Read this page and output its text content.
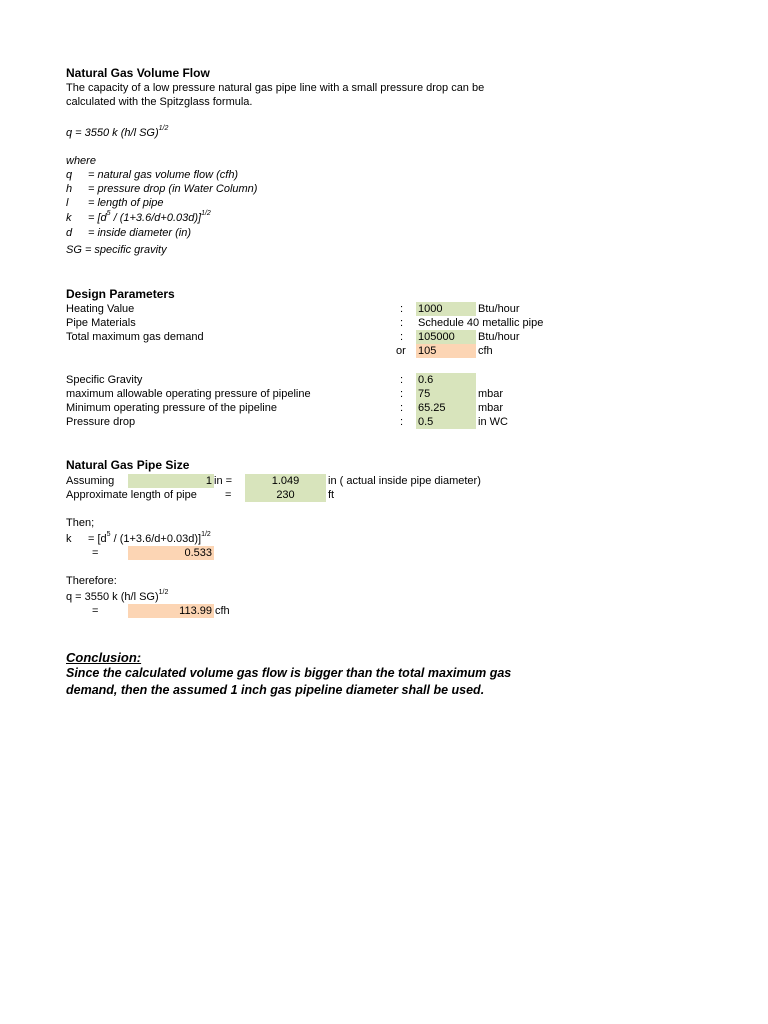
Natural Gas Volume Flow
The capacity of a low pressure natural gas pipe line with a small pressure drop can be
calculated with the Spitzglass formula.
q = 3550 k (h/l SG)$^{1/2}$
where
q = natural gas volume flow (cfh)
h = pressure drop (in Water Column)
l = length of pipe
$k = [d^5 / (1+3.6/d+0.03d)]^{1/2}$
d = inside diameter (in)
SG = specific gravity
Design Parameters
Heating Value	: 1000	Btu/hour
Pipe Materials	: Schedule 40 metallic pipe
Total maximum gas demand	: 105000	Btu/hour
or 105	cfh
Specific Gravity	: 0.6
maximum allowable operating pressure of pipeline	: 75	mbar
Minimum operating pressure of the pipeline	: 65.25	mbar
Pressure drop	: 0.5	in WC
Natural Gas Pipe Size
Assuming	1 in =	1.049	in ( actual inside pipe diameter)
Approximate length of pipe	=	230	ft
Then;
$k = [d^5 / (1+3.6/d+0.03d)]^{1/2}$
=	0.533
Therefore:
q = 3550 k (h/l SG)$^{1/2}$
=	113.99 cfh
Conclusion:
Since the calculated volume gas flow is bigger than the total maximum gas
demand, then the assumed 1 inch gas pipeline diameter shall be used.
